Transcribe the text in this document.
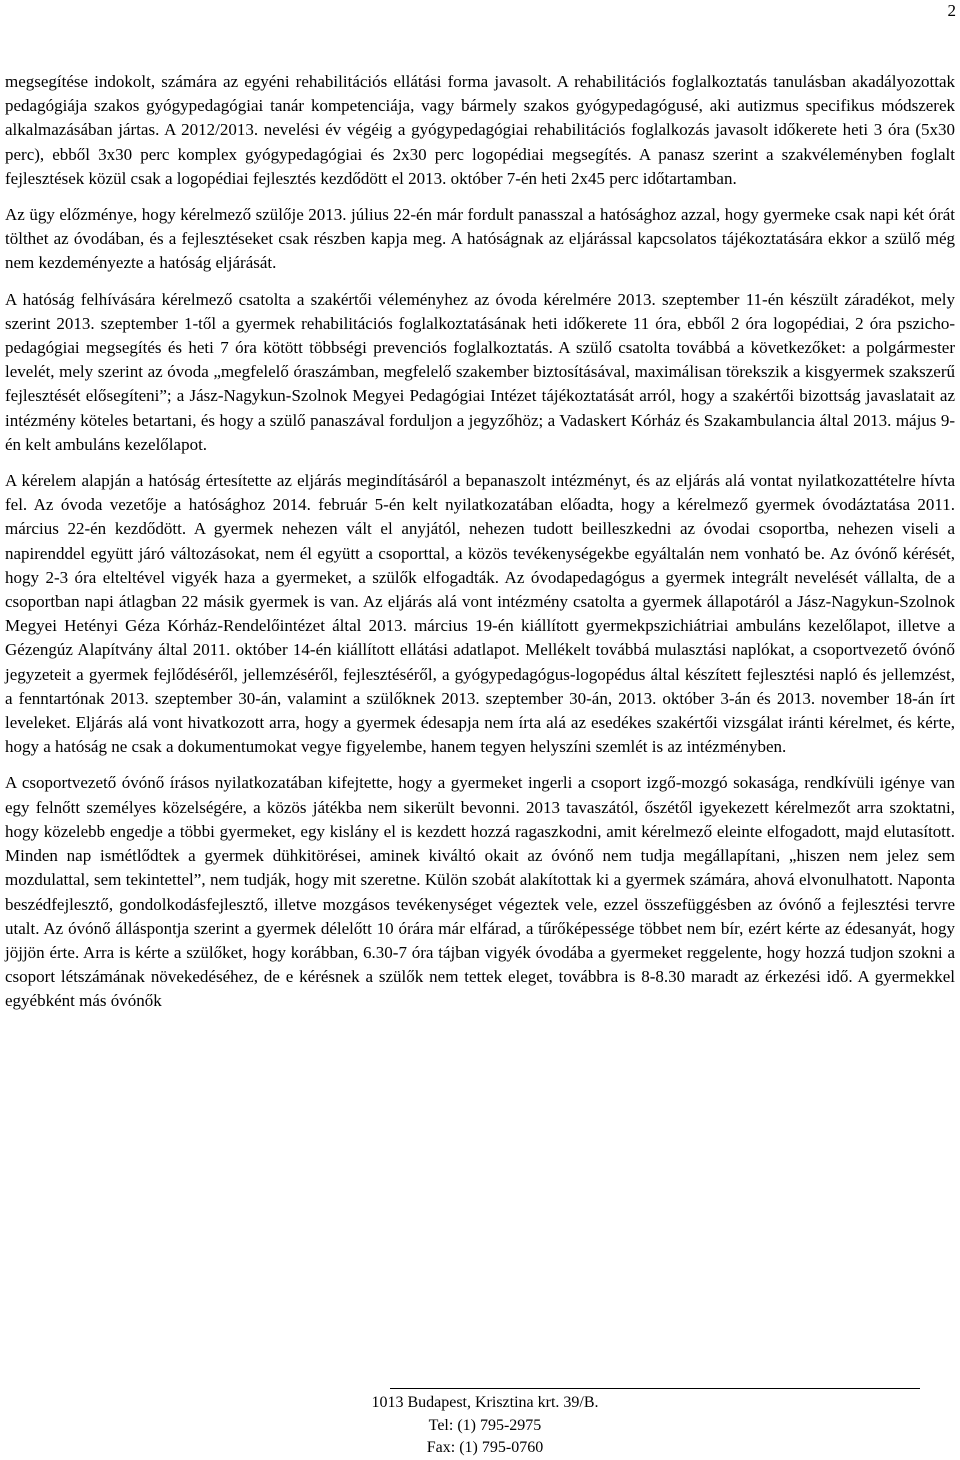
2

megsegítése indokolt, számára az egyéni rehabilitációs ellátási forma javasolt. A rehabilitációs foglalkoztatás tanulásban akadályozottak pedagógiája szakos gyógypedagógiai tanár kompetenciája, vagy bármely szakos gyógypedagógusé, aki autizmus specifikus módszerek alkalmazásában jártas. A 2012/2013. nevelési év végéig a gyógypedagógiai rehabilitációs foglalkozás javasolt időkerete heti 3 óra (5x30 perc), ebből 3x30 perc komplex gyógypedagógiai és 2x30 perc logopédiai megsegítés. A panasz szerint a szakvéleményben foglalt fejlesztések közül csak a logopédiai fejlesztés kezdődött el 2013. október 7-én heti 2x45 perc időtartamban.

Az ügy előzménye, hogy kérelmező szülője 2013. július 22-én már fordult panasszal a hatósághoz azzal, hogy gyermeke csak napi két órát tölthet az óvodában, és a fejlesztéseket csak részben kapja meg. A hatóságnak az eljárással kapcsolatos tájékoztatására ekkor a szülő még nem kezdeményezte a hatóság eljárását.

A hatóság felhívására kérelmező csatolta a szakértői véleményhez az óvoda kérelmére 2013. szeptember 11-én készült záradékot, mely szerint 2013. szeptember 1-től a gyermek rehabilitációs foglalkoztatásának heti időkerete 11 óra, ebből 2 óra logopédiai, 2 óra pszicho-pedagógiai megsegítés és heti 7 óra kötött többségi prevenciós foglalkoztatás. A szülő csatolta továbbá a következőket: a polgármester levelét, mely szerint az óvoda „megfelelő óraszámban, megfelelő szakember biztosításával, maximálisan törekszik a kisgyermek szakszerű fejlesztését elősegíteni”; a Jász-Nagykun-Szolnok Megyei Pedagógiai Intézet tájékoztatását arról, hogy a szakértői bizottság javaslatait az intézmény köteles betartani, és hogy a szülő panaszával forduljon a jegyzőhöz; a Vadaskert Kórház és Szakambulancia által 2013. május 9-én kelt ambuláns kezelőlapot.

A kérelem alapján a hatóság értesítette az eljárás megindításáról a bepanaszolt intézményt, és az eljárás alá vontat nyilatkozattételre hívta fel. Az óvoda vezetője a hatósághoz 2014. február 5-én kelt nyilatkozatában előadta, hogy a kérelmező gyermek óvodáztatása 2011. március 22-én kezdődött. A gyermek nehezen vált el anyjától, nehezen tudott beilleszkedni az óvodai csoportba, nehezen viseli a napirenddel együtt járó változásokat, nem él együtt a csoporttal, a közös tevékenységekbe egyáltalán nem vonható be. Az óvónő kérését, hogy 2-3 óra elteltével vigyék haza a gyermeket, a szülők elfogadták. Az óvodapedagógus a gyermek integrált nevelését vállalta, de a csoportban napi átlagban 22 másik gyermek is van. Az eljárás alá vont intézmény csatolta a gyermek állapotáról a Jász-Nagykun-Szolnok Megyei Hetényi Géza Kórház-Rendelőintézet által 2013. március 19-én kiállított gyermekpszichiátriai ambuláns kezelőlapot, illetve a Gézengúz Alapítvány által 2011. október 14-én kiállított ellátási adatlapot. Mellékelt továbbá mulasztási naplókat, a csoportvezető óvónő jegyzeteit a gyermek fejlődéséről, jellemzéséről, fejlesztéséről, a gyógypedagógus-logopédus által készített fejlesztési napló és jellemzést, a fenntartónak 2013. szeptember 30-án, valamint a szülőknek 2013. szeptember 30-án, 2013. október 3-án és 2013. november 18-án írt leveleket. Eljárás alá vont hivatkozott arra, hogy a gyermek édesapja nem írta alá az esedékes szakértői vizsgálat iránti kérelmet, és kérte, hogy a hatóság ne csak a dokumentumokat vegye figyelembe, hanem tegyen helyszíni szemlét is az intézményben.

A csoportvezető óvónő írásos nyilatkozatában kifejtette, hogy a gyermeket ingerli a csoport izgő-mozgó sokasága, rendkívüli igénye van egy felnőtt személyes közelségére, a közös játékba nem sikerült bevonni. 2013 tavaszától, őszétől igyekezett kérelmezőt arra szoktatni, hogy közelebb engedje a többi gyermeket, egy kislány el is kezdett hozzá ragaszkodni, amit kérelmező eleinte elfogadott, majd elutasított. Minden nap ismétlődtek a gyermek dühkitörései, aminek kiváltó okait az óvónő nem tudja megállapítani, „hiszen nem jelez sem mozdulattal, sem tekintettel”, nem tudják, hogy mit szeretne. Külön szobát alakítottak ki a gyermek számára, ahová elvonulhatott. Naponta beszédfejlesztő, gondolkodásfejlesztő, illetve mozgásos tevékenységet végeztek vele, ezzel összefüggésben az óvónő a fejlesztési tervre utalt. Az óvónő álláspontja szerint a gyermek délelőtt 10 órára már elfárad, a tűrőképessége többet nem bír, ezért kérte az édesanyát, hogy jöjjön érte. Arra is kérte a szülőket, hogy korábban, 6.30-7 óra tájban vigyék óvodába a gyermeket reggelente, hogy hozzá tudjon szokni a csoport létszámának növekedéséhez, de e kérésnek a szülők nem tettek eleget, továbbra is 8-8.30 maradt az érkezési idő. A gyermekkel egyébként más óvónők

1013 Budapest, Krisztina krt. 39/B.
Tel: (1) 795-2975
Fax: (1) 795-0760
